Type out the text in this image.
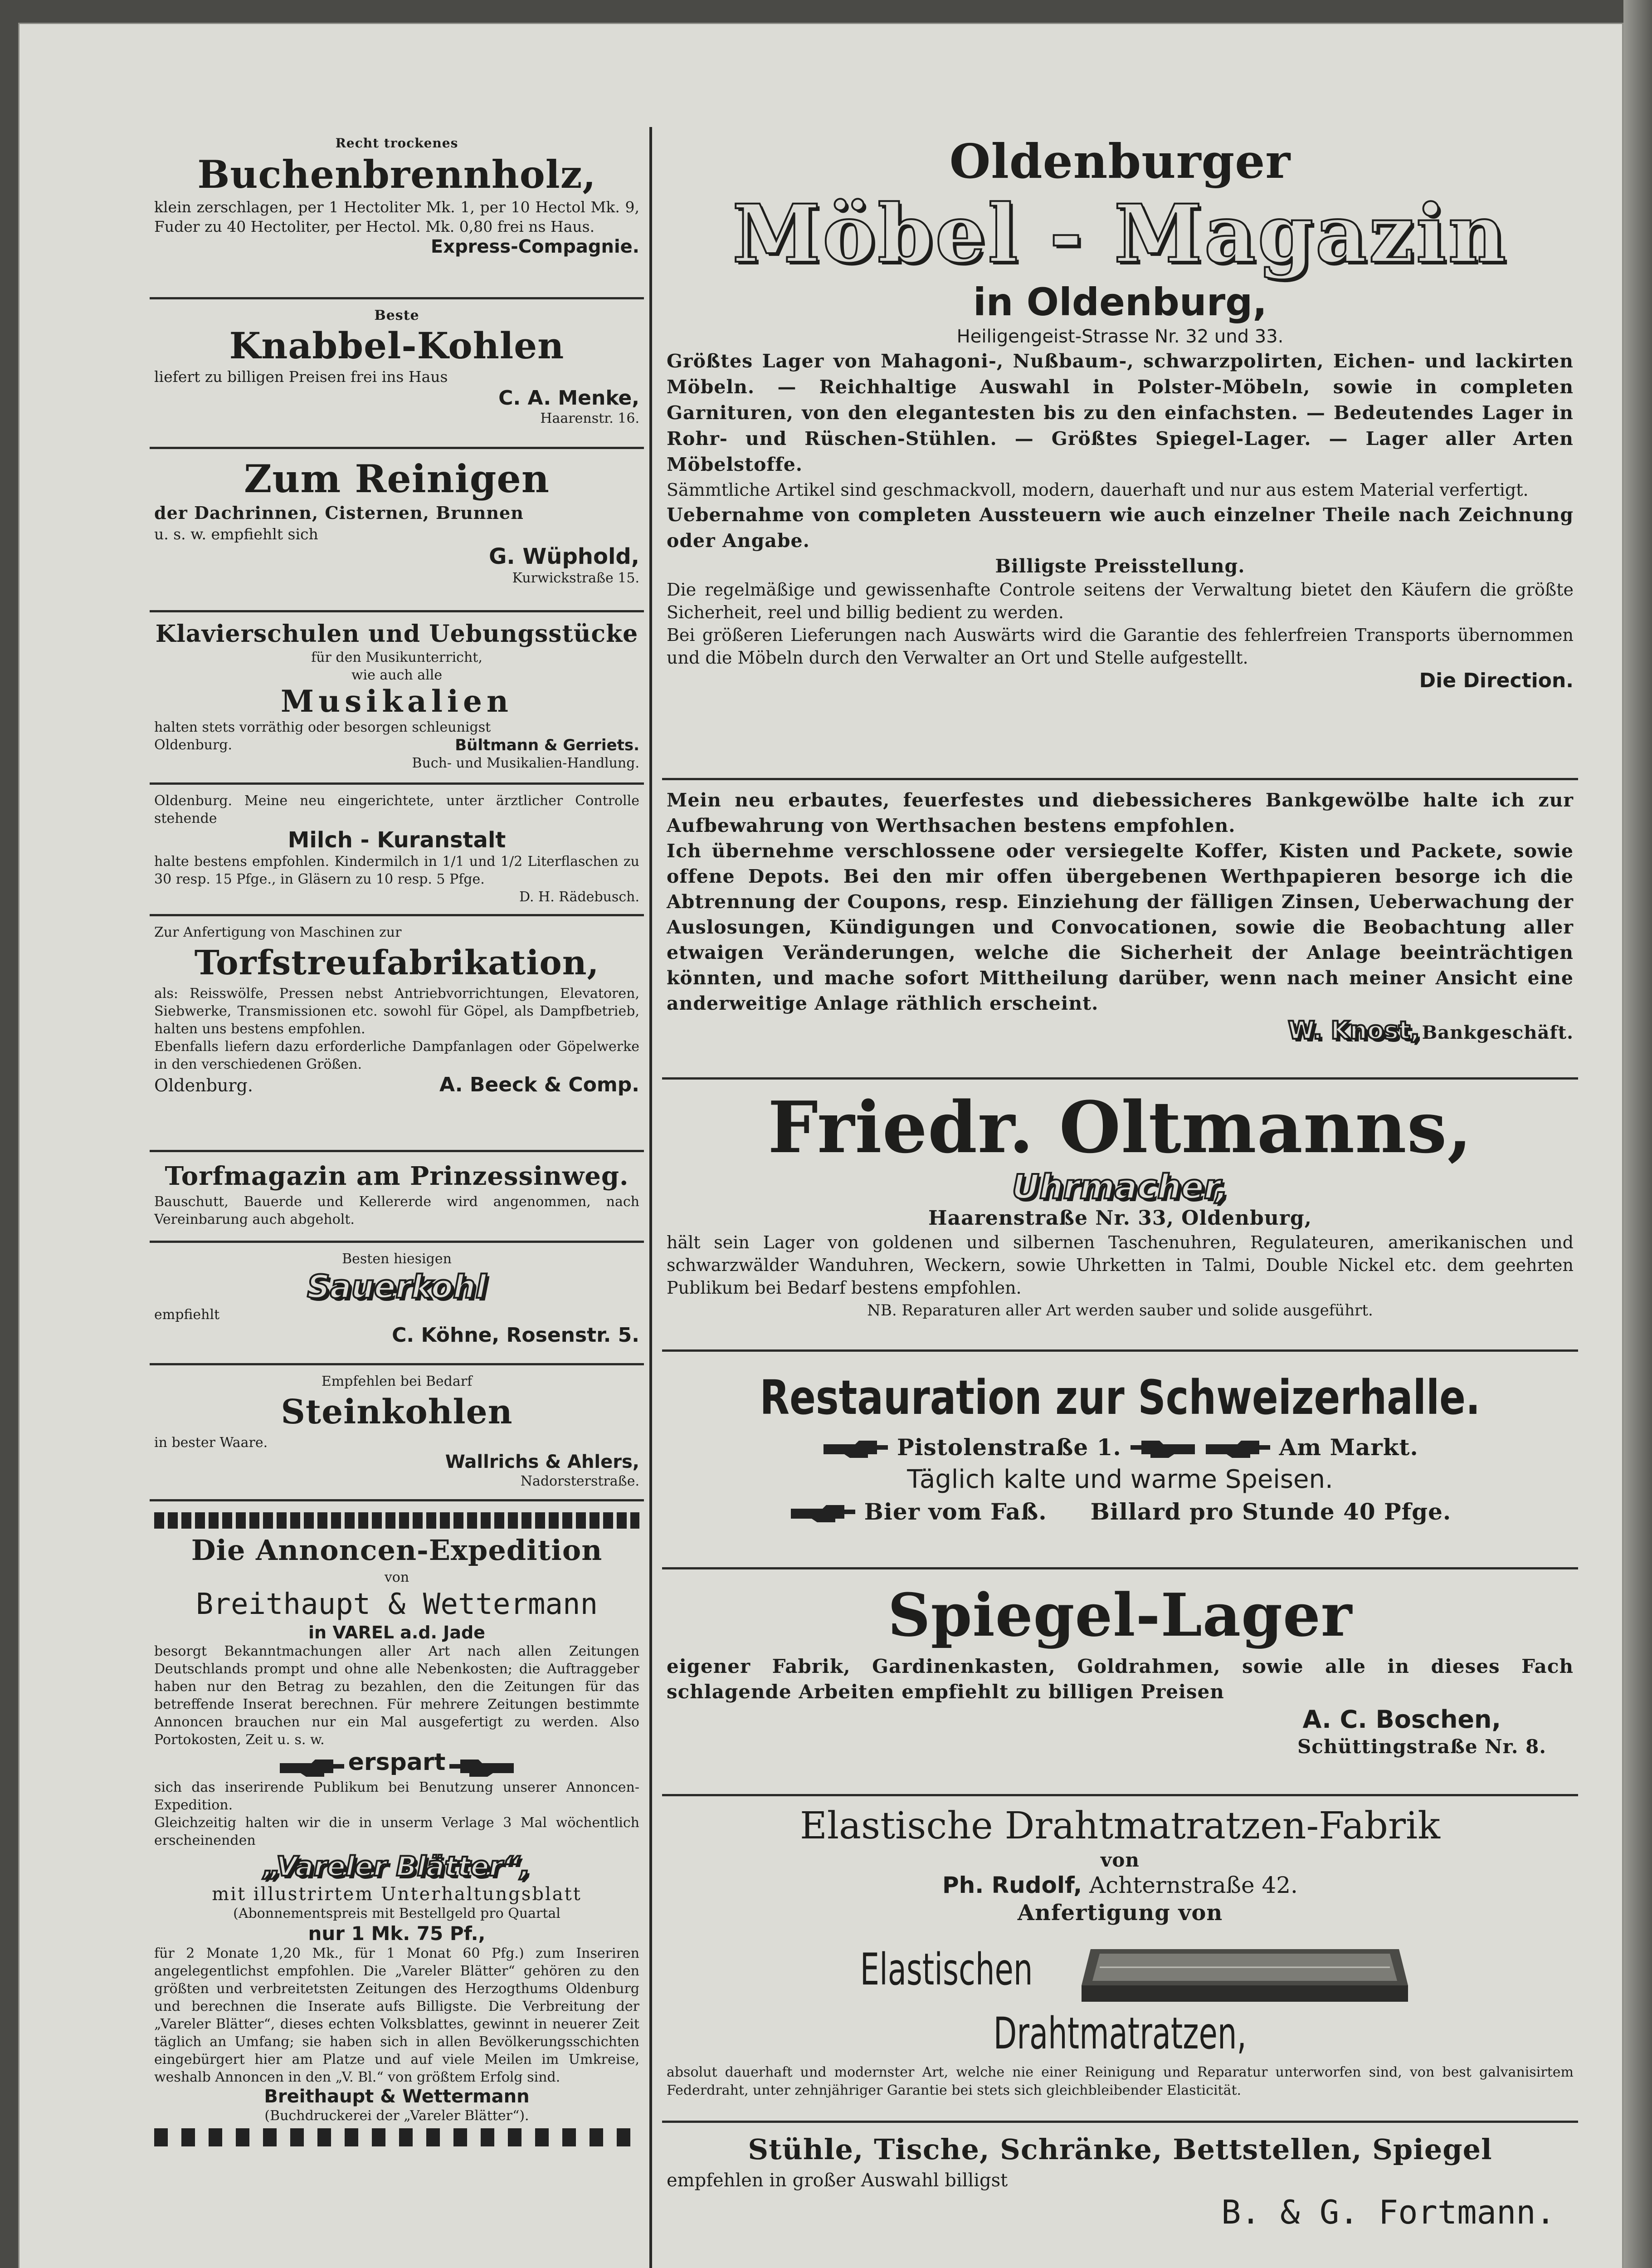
Recht trockenes

Buchenbrennholz,

klein zerschlagen, per 1 Hectoliter Mk. 1, per 10 Hectol Mk. 9, Fuder zu 40 Hectoliter, per Hectol. Mk. 0,80 frei ns Haus.

Express-Compagnie.

Beste

Knabbel-Kohlen

liefert zu billigen Preisen frei ins Haus

C. A. Menke,

Haarenstr. 16.

Zum Reinigen

der Dachrinnen, Cisternen, Brunnen

u. s. w. empfiehlt sich

G. Wüphold,

Kurwickstraße 15.

Klavierschulen und Uebungsstücke

für den Musikunterricht,

wie auch alle

Musikalien

halten stets vorräthig oder besorgen schleunigst

Oldenburg.	Bültmann & Gerriets.

Buch- und Musikalien-Handlung.

Oldenburg. Meine neu eingerichtete, unter ärztlicher Controlle stehende

Milch - Kuranstalt

halte bestens empfohlen. Kindermilch in 1/1 und 1/2 Literflaschen zu 30 resp. 15 Pfge., in Gläsern zu 10 resp. 5 Pfge.

D. H. Rädebusch.

Zur Anfertigung von Maschinen zur

Torfstreufabrikation,

als: Reisswölfe, Pressen nebst Antriebvorrichtungen, Elevatoren, Siebwerke, Transmissionen etc. sowohl für Göpel, als Dampfbetrieb, halten uns bestens empfohlen.

Ebenfalls liefern dazu erforderliche Dampfanlagen oder Göpelwerke in den verschiedenen Größen.

Oldenburg.	A. Beeck & Comp.

Torfmagazin am Prinzessinweg.

Bauschutt, Bauerde und Kellererde wird angenommen, nach Vereinbarung auch abgeholt.

Besten hiesigen

Sauerkohl

empfiehlt

C. Köhne, Rosenstr. 5.

Empfehlen bei Bedarf

Steinkohlen

in bester Waare.

Wallrichs & Ahlers,

Nadorsterstraße.

Die Annoncen-Expedition

von

Breithaupt & Wettermann

in VAREL a.d. Jade

besorgt Bekanntmachungen aller Art nach allen Zeitungen Deutschlands prompt und ohne alle Nebenkosten; die Auftraggeber haben nur den Betrag zu bezahlen, den die Zeitungen für das betreffende Inserat berechnen. Für mehrere Zeitungen bestimmte Annoncen brauchen nur ein Mal ausgefertigt zu werden. Also Portokosten, Zeit u. s. w.

erspart

sich das inserirende Publikum bei Benutzung unserer Annoncen-Expedition.

Gleichzeitig halten wir die in unserm Verlage 3 Mal wöchentlich erscheinenden

„Vareler Blätter“,

mit illustrirtem Unterhaltungsblatt

(Abonnementspreis mit Bestellgeld pro Quartal

nur 1 Mk. 75 Pf.,

für 2 Monate 1,20 Mk., für 1 Monat 60 Pfg.) zum Inseriren angelegentlichst empfohlen. Die „Vareler Blätter“ gehören zu den größten und verbreitetsten Zeitungen des Herzogthums Oldenburg und berechnen die Inserate aufs Billigste. Die Verbreitung der „Vareler Blätter“, dieses echten Volksblattes, gewinnt in neuerer Zeit täglich an Umfang; sie haben sich in allen Bevölkerungsschichten eingebürgert hier am Platze und auf viele Meilen im Umkreise, weshalb Annoncen in den „V. Bl.“ von größtem Erfolg sind.

Breithaupt & Wettermann

(Buchdruckerei der „Vareler Blätter“).

Oldenburger

Möbel - Magazin

in Oldenburg,

Heiligengeist-Strasse Nr. 32 und 33.

Größtes Lager von Mahagoni-, Nußbaum-, schwarzpolirten, Eichen- und lackirten Möbeln. — Reichhaltige Auswahl in Polster-Möbeln, sowie in completen Garnituren, von den elegantesten bis zu den einfachsten. — Bedeutendes Lager in Rohr- und Rüschen-Stühlen. — Größtes Spiegel-Lager. — Lager aller Arten Möbelstoffe.

Sämmtliche Artikel sind geschmackvoll, modern, dauerhaft und nur aus estem Material verfertigt.

Uebernahme von completen Aussteuern wie auch einzelner Theile nach Zeichnung oder Angabe.

Billigste Preisstellung.

Die regelmäßige und gewissenhafte Controle seitens der Verwaltung bietet den Käufern die größte Sicherheit, reel und billig bedient zu werden.

Bei größeren Lieferungen nach Auswärts wird die Garantie des fehlerfreien Transports übernommen und die Möbeln durch den Verwalter an Ort und Stelle aufgestellt.

Die Direction.

Mein neu erbautes, feuerfestes und diebessicheres Bankgewölbe halte ich zur Aufbewahrung von Werthsachen bestens empfohlen.

Ich übernehme verschlossene oder versiegelte Koffer, Kisten und Packete, sowie offene Depots. Bei den mir offen übergebenen Werthpapieren besorge ich die Abtrennung der Coupons, resp. Einziehung der fälligen Zinsen, Ueberwachung der Auslosungen, Kündigungen und Convocationen, sowie die Beobachtung aller etwaigen Veränderungen, welche die Sicherheit der Anlage beeinträchtigen könnten, und mache sofort Mittheilung darüber, wenn nach meiner Ansicht eine anderweitige Anlage räthlich erscheint.

W. Knost, Bankgeschäft.

Friedr. Oltmanns,

Uhrmacher,

Haarenstraße Nr. 33, Oldenburg,

hält sein Lager von goldenen und silbernen Taschenuhren, Regulateuren, amerikanischen und schwarzwälder Wanduhren, Weckern, sowie Uhrketten in Talmi, Double Nickel etc. dem geehrten Publikum bei Bedarf bestens empfohlen.

NB. Reparaturen aller Art werden sauber und solide ausgeführt.

Restauration zur Schweizerhalle.

Pistolenstraße 1.	Am Markt.

Täglich kalte und warme Speisen.

Bier vom Faß. Billard pro Stunde 40 Pfge.

Spiegel-Lager

eigener Fabrik, Gardinenkasten, Goldrahmen, sowie alle in dieses Fach schlagende Arbeiten empfiehlt zu billigen Preisen

A. C. Boschen,

Schüttingstraße Nr. 8.

Elastische Drahtmatratzen-Fabrik

von

Ph. Rudolf, Achternstraße 42.

Anfertigung von

Elastischen  Drahtmatratzen,

absolut dauerhaft und modernster Art, welche nie einer Reinigung und Reparatur unterworfen sind, von best galvanisirtem Federdraht, unter zehnjähriger Garantie bei stets sich gleichbleibender Elasticität.

Stühle, Tische, Schränke, Bettstellen, Spiegel

empfehlen in großer Auswahl billigst

B. & G. Fortmann.
